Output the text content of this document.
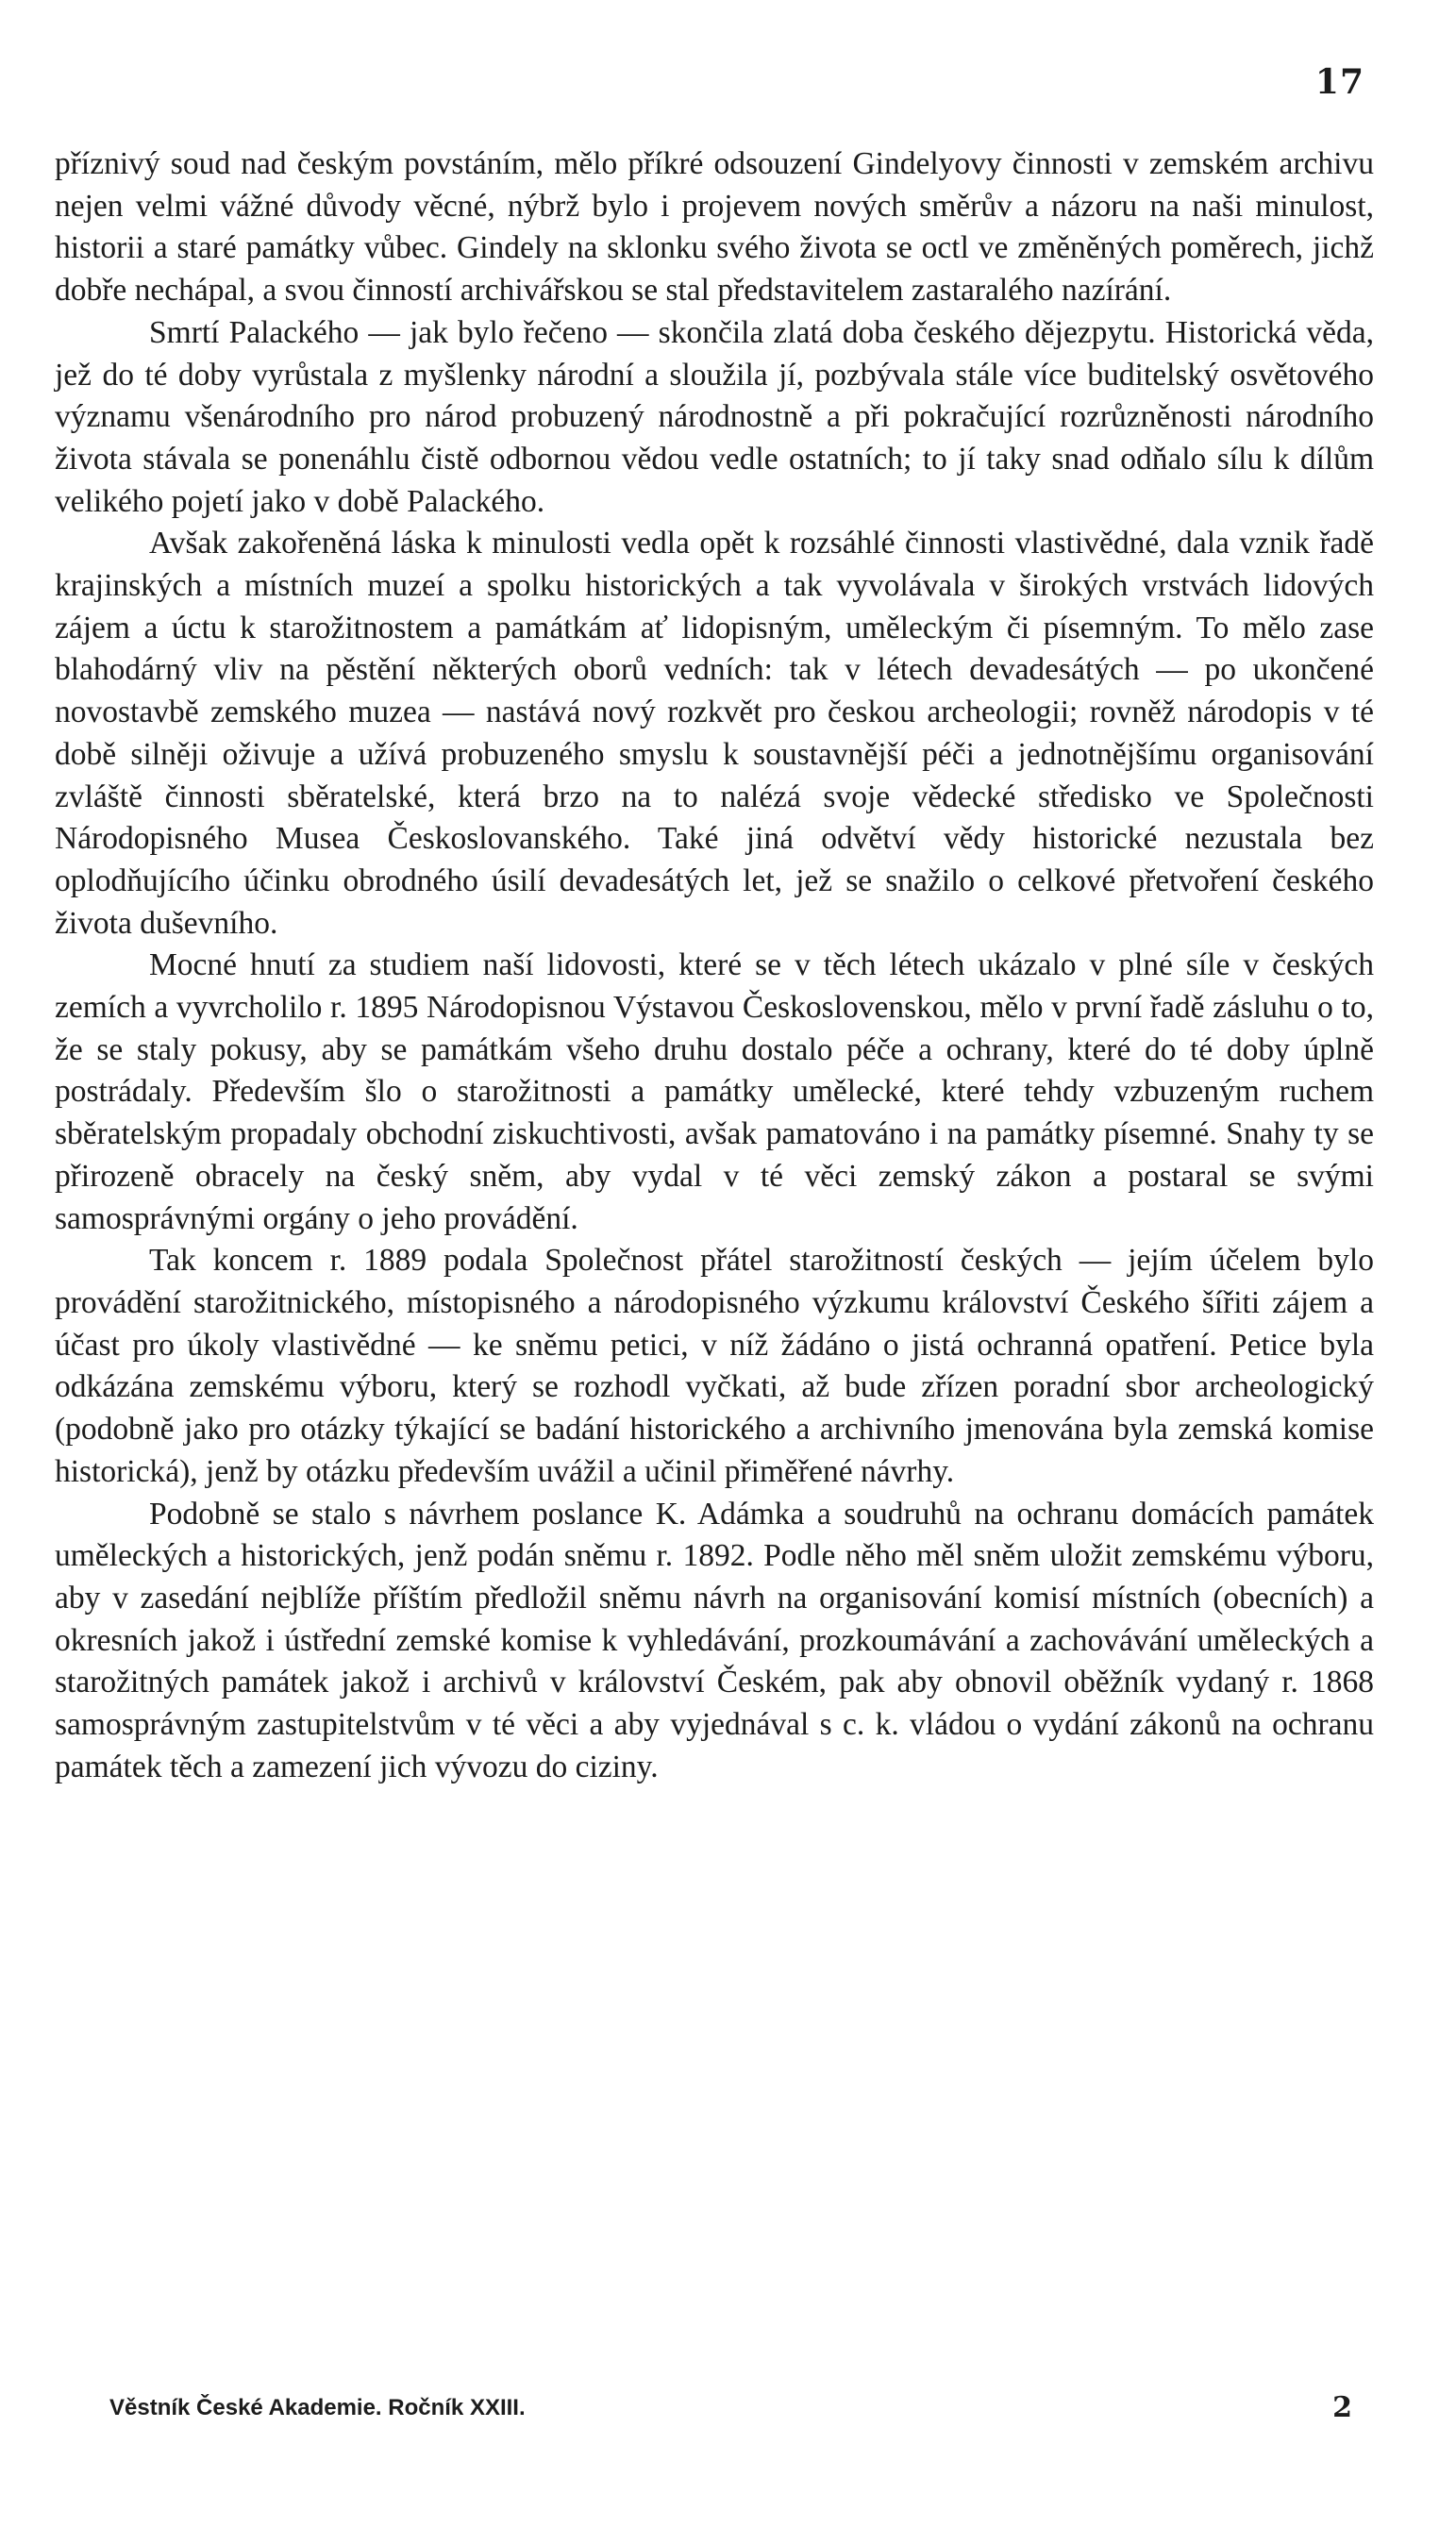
17

příznivý soud nad českým povstáním, mělo příkré odsouzení Gindelyovy činnosti v zemském archivu nejen velmi vážné důvody věcné, nýbrž bylo i projevem nových směrův a názoru na naši minulost, historii a staré památky vůbec. Gindely na sklonku svého života se octl ve změněných poměrech, jichž dobře nechápal, a svou činností archivářskou se stal představitelem zastaralého nazírání.

Smrtí Palackého — jak bylo řečeno — skončila zlatá doba českého dějezpytu. Historická věda, jež do té doby vyrůstala z myšlenky národní a sloužila jí, pozbývala stále více buditelský osvětového významu všenárodního pro národ probuzený národnostně a při pokračující rozrůzněnosti národního života stávala se ponenáhlu čistě odbornou vědou vedle ostatních; to jí taky snad odňalo sílu k dílům velikého pojetí jako v době Palackého.

Avšak zakořeněná láska k minulosti vedla opět k rozsáhlé činnosti vlastivědné, dala vznik řadě krajinských a místních muzeí a spolku historických a tak vyvolávala v širokých vrstvách lidových zájem a úctu k starožitnostem a památkám ať lidopisným, uměleckým či písemným. To mělo zase blahodárný vliv na pěstění některých oborů vedních: tak v létech devadesátých — po ukončené novostavbě zemského muzea — nastává nový rozkvět pro českou archeologii; rovněž národopis v té době silněji oživuje a užívá probuzeného smyslu k soustavnější péči a jednotnějšímu organisování zvláště činnosti sběratelské, která brzo na to nalézá svoje vědecké středisko ve Společnosti Národopisného Musea Českoslovanského. Také jiná odvětví vědy historické nezustala bez oplodňujícího účinku obrodného úsilí devadesátých let, jež se snažilo o celkové přetvoření českého života duševního.

Mocné hnutí za studiem naší lidovosti, které se v těch létech ukázalo v plné síle v českých zemích a vyvrcholilo r. 1895 Národopisnou Výstavou Československou, mělo v první řadě zásluhu o to, že se staly pokusy, aby se památkám všeho druhu dostalo péče a ochrany, které do té doby úplně postrádaly. Především šlo o starožitnosti a památky umělecké, které tehdy vzbuzeným ruchem sběratelským propadaly obchodní ziskuchtivosti, avšak pamatováno i na památky písemné. Snahy ty se přirozeně obracely na český sněm, aby vydal v té věci zemský zákon a postaral se svými samosprávnými orgány o jeho provádění.

Tak koncem r. 1889 podala Společnost přátel starožitností českých — jejím účelem bylo provádění starožitnického, místopisného a národopisného výzkumu království Českého šířiti zájem a účast pro úkoly vlastivědné — ke sněmu petici, v níž žádáno o jistá ochranná opatření. Petice byla odkázána zemskému výboru, který se rozhodl vyčkati, až bude zřízen poradní sbor archeologický (podobně jako pro otázky týkající se badání historického a archivního jmenována byla zemská komise historická), jenž by otázku především uvážil a učinil přiměřené návrhy.

Podobně se stalo s návrhem poslance K. Adámka a soudruhů na ochranu domácích památek uměleckých a historických, jenž podán sněmu r. 1892. Podle něho měl sněm uložit zemskému výboru, aby v zasedání nejblíže příštím předložil sněmu návrh na organisování komisí místních (obecních) a okresních jakož i ústřední zemské komise k vyhledávání, prozkoumávání a zachovávání uměleckých a starožitných památek jakož i archivů v království Českém, pak aby obnovil oběžník vydaný r. 1868 samosprávným zastupitelstvům v té věci a aby vyjednával s c. k. vládou o vydání zákonů na ochranu památek těch a zamezení jich vývozu do ciziny.

Věstník České Akademie. Ročník XXIII.	2
